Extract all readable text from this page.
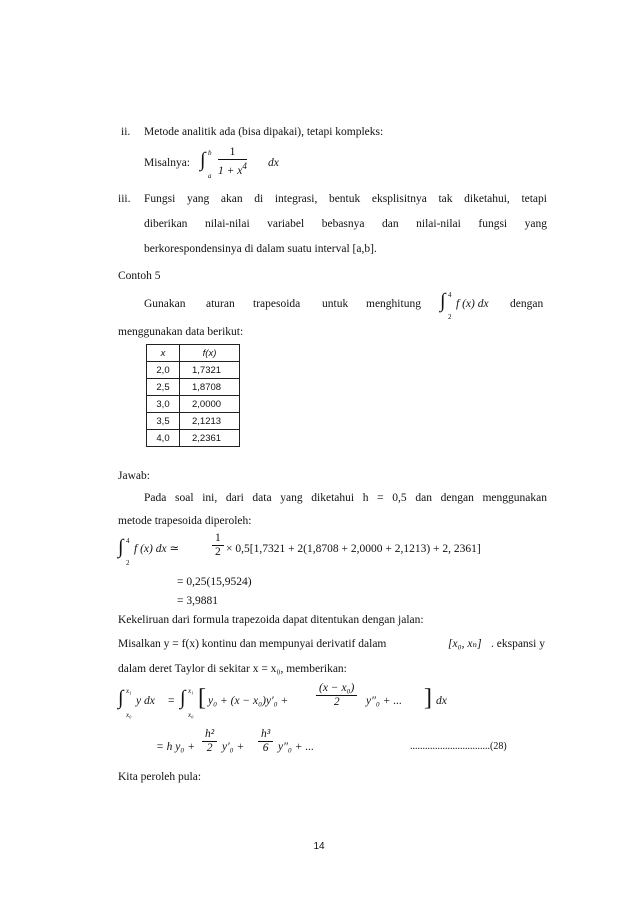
ii. Metode analitik ada (bisa dipakai), tetapi kompleks:
Misalnya: ∫ b
a $\frac{1}{1 + x^4}$ dx
iii. Fungsi yang akan di integrasi, bentuk eksplisitnya tak diketahui, tetapi
diberikan nilai-nilai variabel bebasnya dan nilai-nilai fungsi yang
berkorespondensinya di dalam suatu interval [a,b].
Contoh 5
Gunakan aturan trapesoida untuk menghitung ∫ 4
2
f (x) dx dengan
menggunakan data berikut:
x	f(x)
2,0	1,7321
2,5	1,8708
3,0	2,0000
3,5	2,1213
4,0	2,2361
Jawab:
Pada soal ini, dari data yang diketahui h = 0,5 dan dengan menggunakan
metode trapesoida diperoleh:
∫ 4
2
f (x) dx ≃	$\frac{1}{2} \times 0,5[1,7321 + 2(1,8708 + 2,0000 + 2,1213) + 2$, 2361]
= 0,25(15,9524)
= 3,9881
Kekeliruan dari formula trapezoida dapat ditentukan dengan jalan:
Misalkan y = f(x) kontinu dan mempunyai derivatif dalam	[x₀, xₙ] . ekspansi y
dalam deret Taylor di sekitar x = x₀, memberikan:
∫ x₁
x₀
y dx = ∫ x₁
x₀
[ $y_0 + (x - x_0)y'_0 + \frac{\text{(x − x₀)}}{2} y''_0$ + ... ] dx
= h $y_0 + \frac{\text{h²}}{2} y'_0 + \frac{\text{h³}}{6} y''_0$ + ...	................................(28)
Kita peroleh pula:
14
